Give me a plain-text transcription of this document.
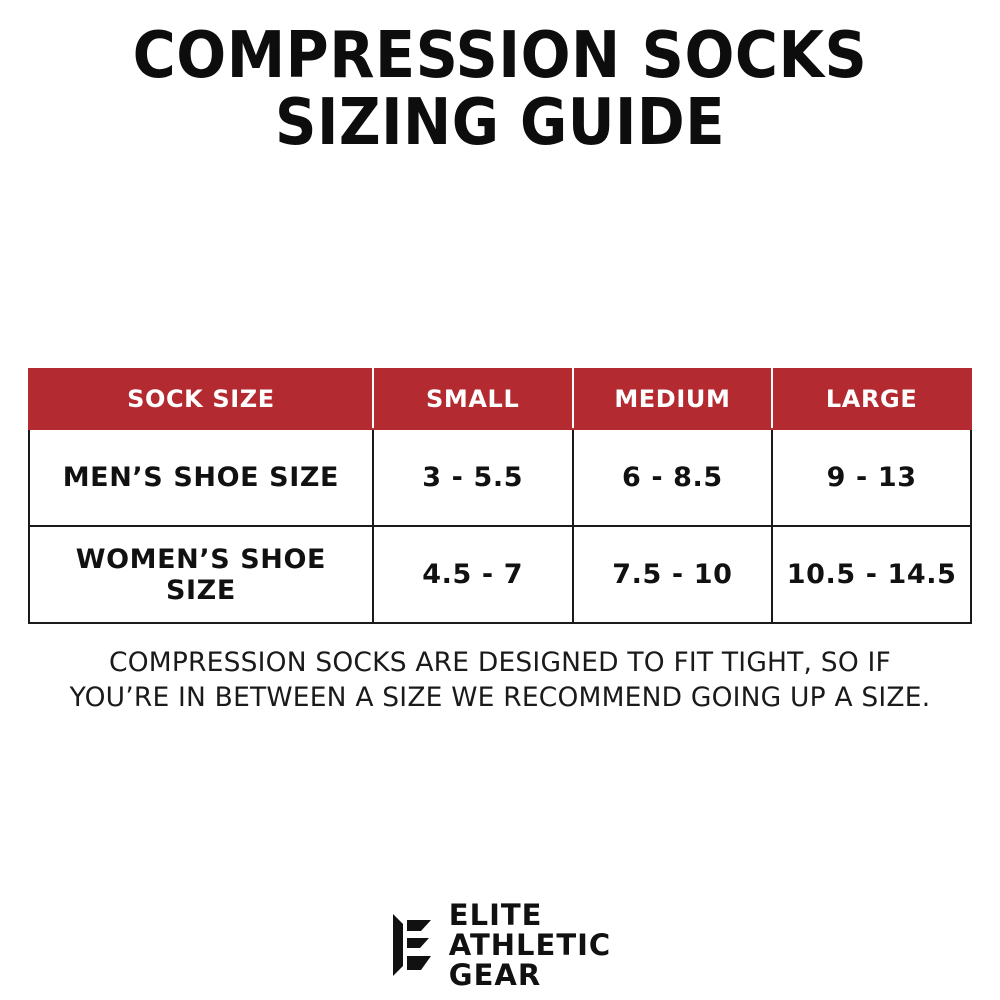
COMPRESSION SOCKS
SIZING GUIDE
SOCK SIZE	SMALL	MEDIUM	LARGE
MEN’S SHOE SIZE	3 - 5.5	6 - 8.5	9 - 13
WOMEN’S SHOE SIZE	4.5 - 7	7.5 - 10	10.5 - 14.5
COMPRESSION SOCKS ARE DESIGNED TO FIT TIGHT, SO IF
YOU’RE IN BETWEEN A SIZE WE RECOMMEND GOING UP A SIZE.
ELITE
ATHLETIC
GEAR
